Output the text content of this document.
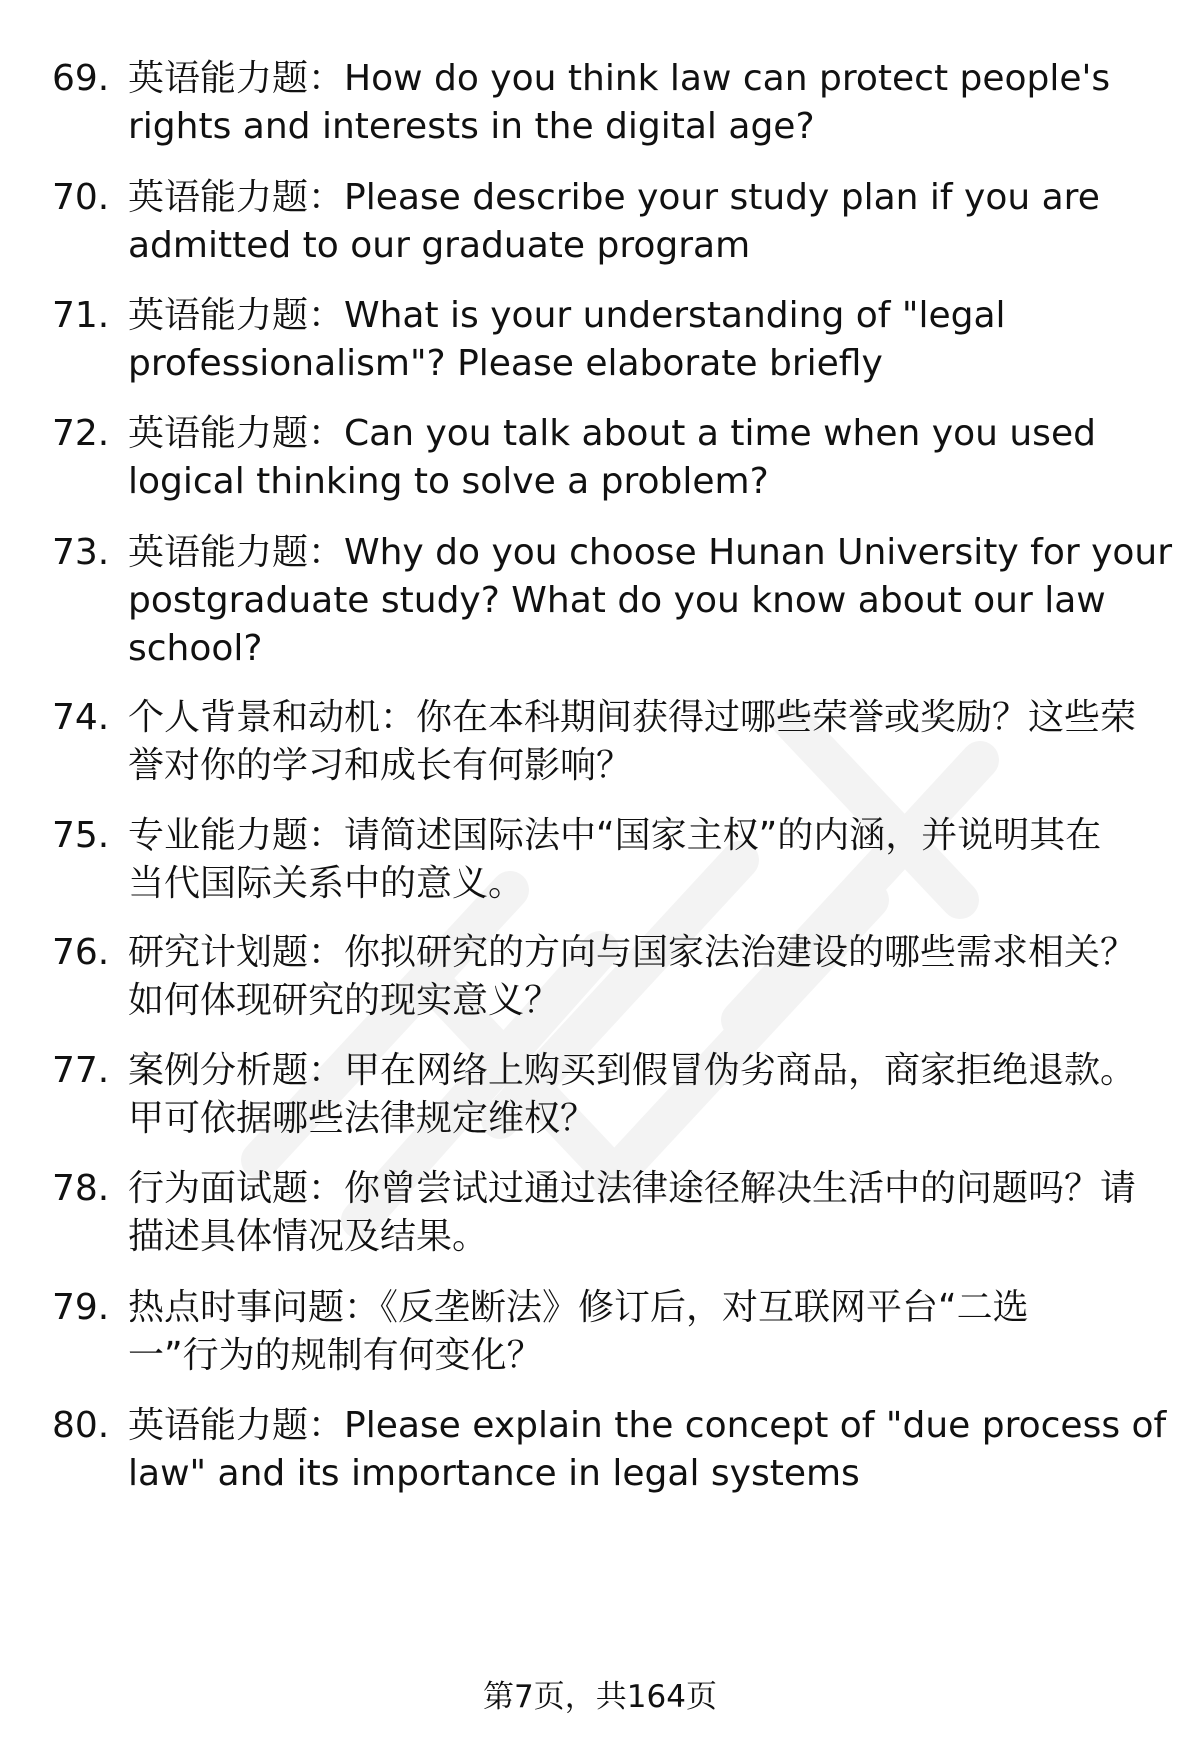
69. 英语能力题：How do you think law can protect people's
rights and interests in the digital age?
70. 英语能力题：Please describe your study plan if you are
admitted to our graduate program
71. 英语能力题：What is your understanding of "legal
professionalism"? Please elaborate briefly
72. 英语能力题：Can you talk about a time when you used
logical thinking to solve a problem?
73. 英语能力题：Why do you choose Hunan University for your
postgraduate study? What do you know about our law
school?
74. 个人背景和动机：你在本科期间获得过哪些荣誉或奖励？这些荣
誉对你的学习和成长有何影响？
75. 专业能力题：请简述国际法中“国家主权”的内涵，并说明其在
当代国际关系中的意义。
76. 研究计划题：你拟研究的方向与国家法治建设的哪些需求相关？
如何体现研究的现实意义？
77. 案例分析题：甲在网络上购买到假冒伪劣商品，商家拒绝退款。
甲可依据哪些法律规定维权？
78. 行为面试题：你曾尝试过通过法律途径解决生活中的问题吗？请
描述具体情况及结果。
79. 热点时事问题：《反垄断法》修订后，对互联网平台“二选
一”行为的规制有何变化？
80. 英语能力题：Please explain the concept of "due process of
law" and its importance in legal systems
第7页，共164页
